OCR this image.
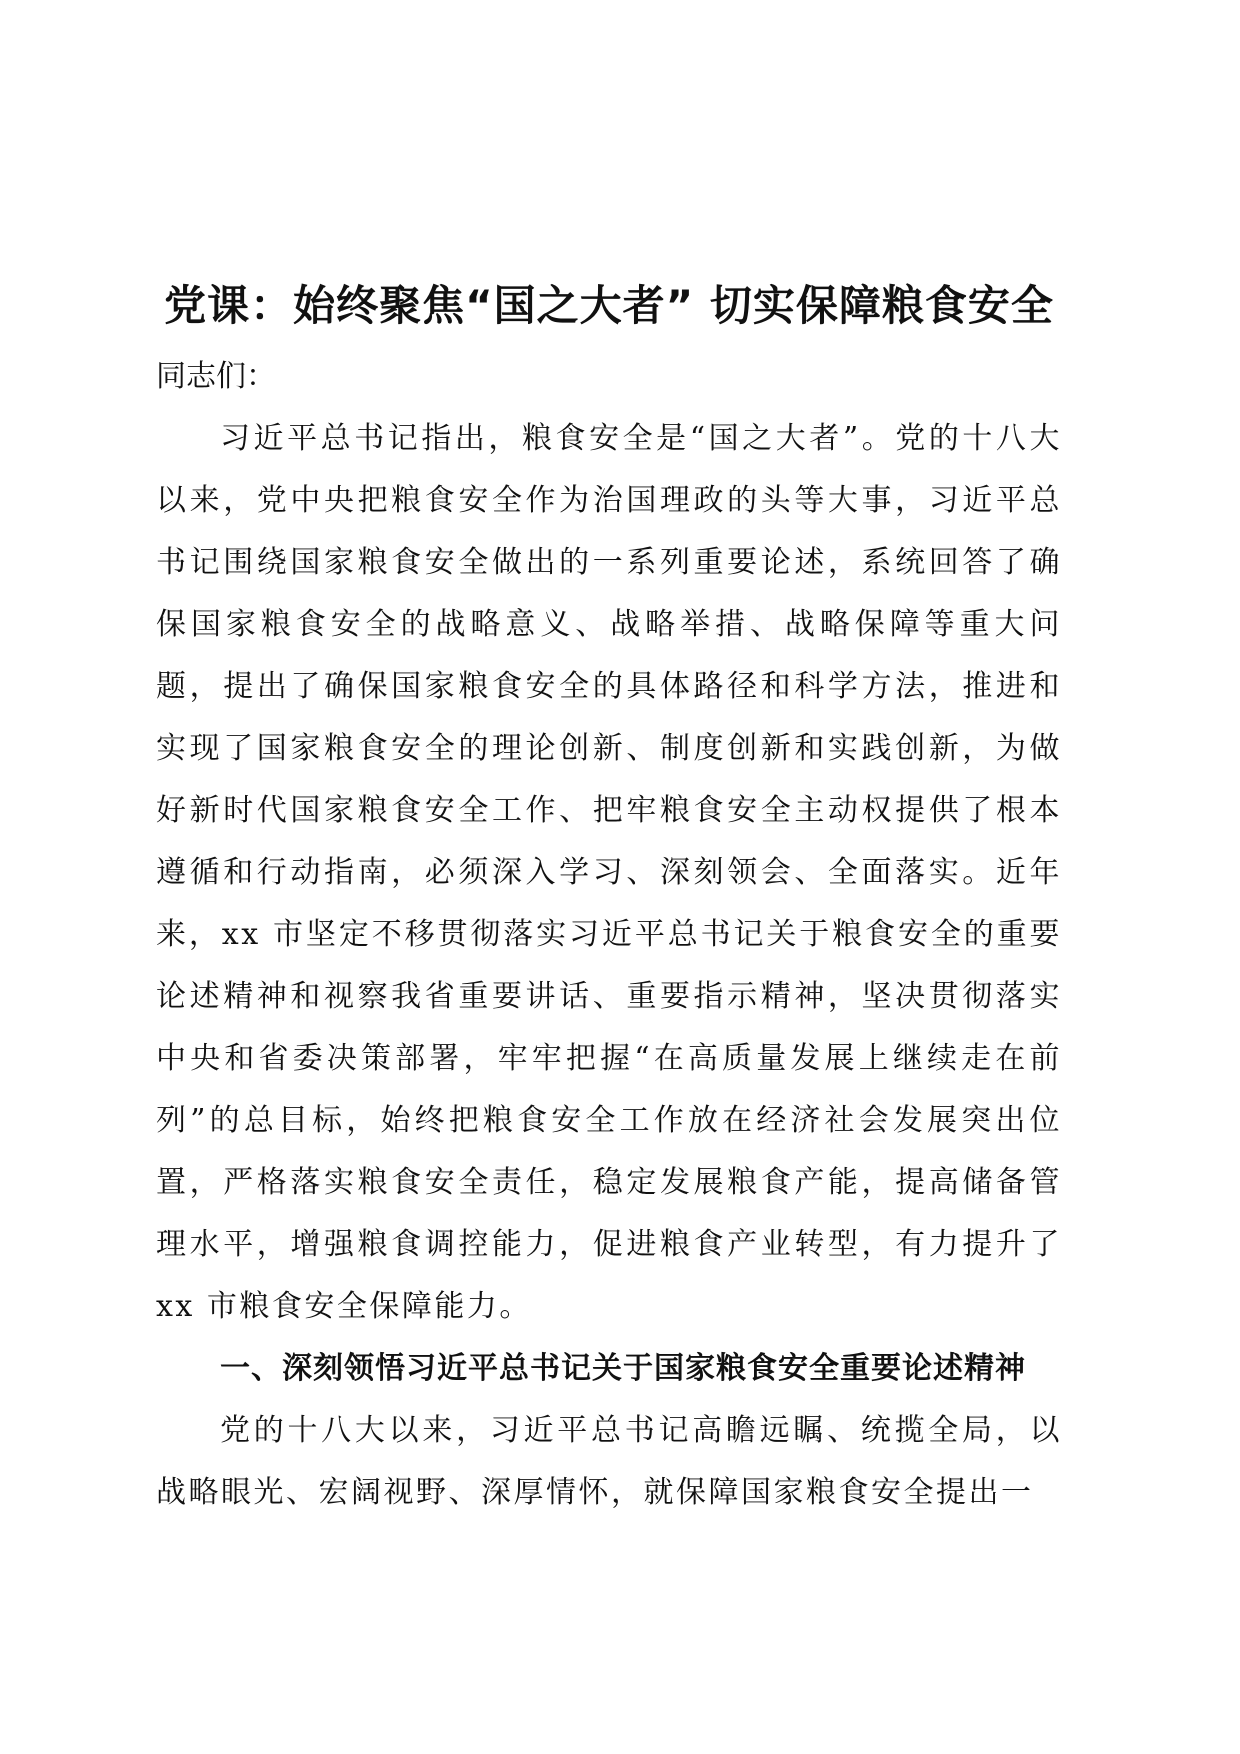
党课：始终聚焦“国之大者” 切实保障粮食安全

同志们：

习近平总书记指出，粮食安全是“国之大者”。党的十八大以来，党中央把粮食安全作为治国理政的头等大事，习近平总书记围绕国家粮食安全做出的一系列重要论述，系统回答了确保国家粮食安全的战略意义、战略举措、战略保障等重大问题，提出了确保国家粮食安全的具体路径和科学方法，推进和实现了国家粮食安全的理论创新、制度创新和实践创新，为做好新时代国家粮食安全工作、把牢粮食安全主动权提供了根本遵循和行动指南，必须深入学习、深刻领会、全面落实。近年来，xx 市坚定不移贯彻落实习近平总书记关于粮食安全的重要论述精神和视察我省重要讲话、重要指示精神，坚决贯彻落实中央和省委决策部署，牢牢把握“在高质量发展上继续走在前列”的总目标，始终把粮食安全工作放在经济社会发展突出位置，严格落实粮食安全责任，稳定发展粮食产能，提高储备管理水平，增强粮食调控能力，促进粮食产业转型，有力提升了 xx 市粮食安全保障能力。

一、深刻领悟习近平总书记关于国家粮食安全重要论述精神

党的十八大以来，习近平总书记高瞻远瞩、统揽全局，以战略眼光、宏阔视野、深厚情怀，就保障国家粮食安全提出一
